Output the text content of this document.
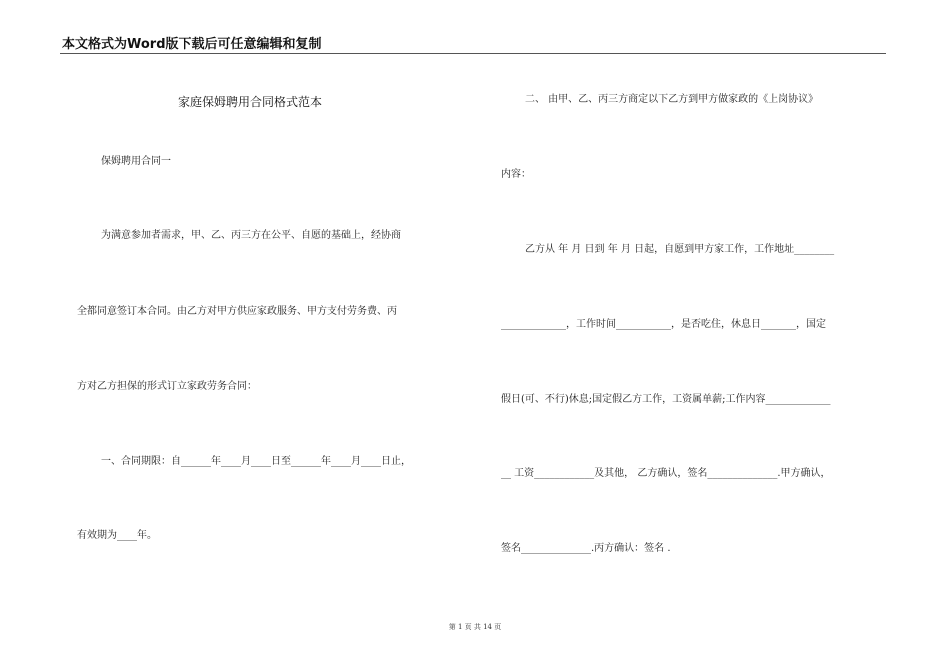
本文格式为Word版下载后可任意编辑和复制
家庭保姆聘用合同格式范本
保姆聘用合同一
为满意参加者需求，甲、乙、丙三方在公平、自愿的基础上，经协商
全都同意签订本合同。由乙方对甲方供应家政服务、甲方支付劳务费、丙
方对乙方担保的形式订立家政劳务合同：
一、合同期限：自______年____月____日至______年____月____日止，
有效期为____年。
二、 由甲、乙、丙三方商定以下乙方到甲方做家政的《上岗协议》
内容：
乙方从 年 月 日到 年 月 日起，自愿到甲方家工作，工作地址________
_____________，工作时间___________，是否吃住，休息日_______，国定
假日(可、不行)休息;国定假乙方工作，工资属单薪;工作内容_____________
__ 工资____________及其他， 乙方确认，签名______________.甲方确认，
签名______________.丙方确认：签名 .
第 1 页 共 14 页
